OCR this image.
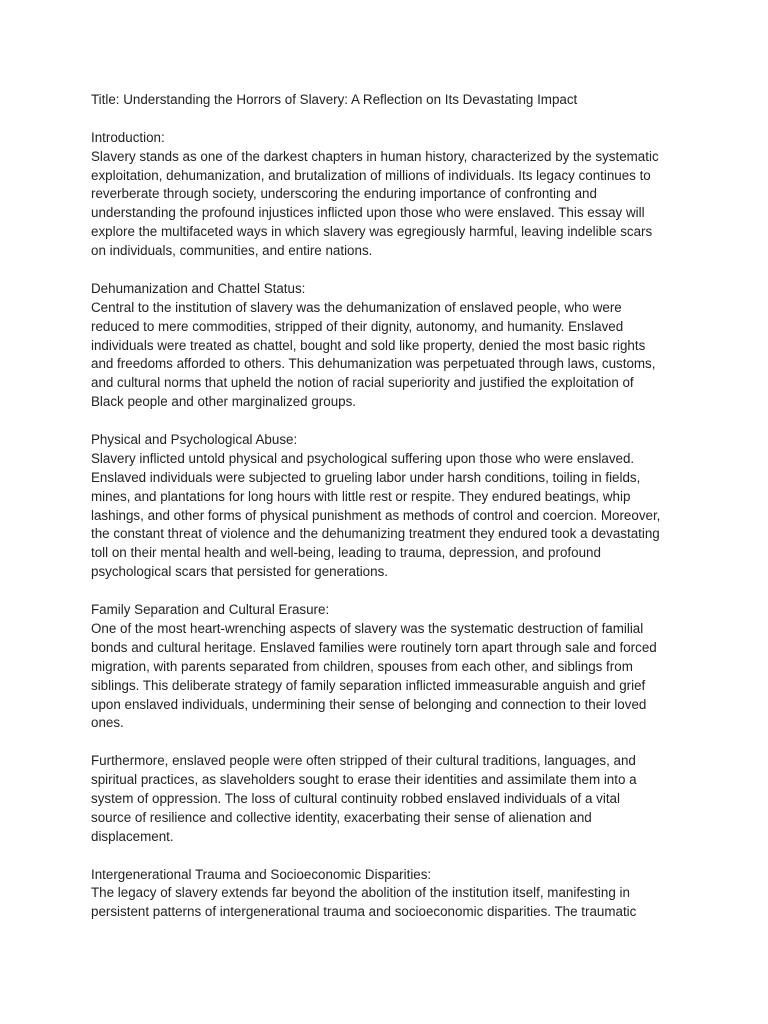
Title: Understanding the Horrors of Slavery: A Reflection on Its Devastating Impact
Introduction:
Slavery stands as one of the darkest chapters in human history, characterized by the systematic
exploitation, dehumanization, and brutalization of millions of individuals. Its legacy continues to
reverberate through society, underscoring the enduring importance of confronting and
understanding the profound injustices inflicted upon those who were enslaved. This essay will
explore the multifaceted ways in which slavery was egregiously harmful, leaving indelible scars
on individuals, communities, and entire nations.
Dehumanization and Chattel Status:
Central to the institution of slavery was the dehumanization of enslaved people, who were
reduced to mere commodities, stripped of their dignity, autonomy, and humanity. Enslaved
individuals were treated as chattel, bought and sold like property, denied the most basic rights
and freedoms afforded to others. This dehumanization was perpetuated through laws, customs,
and cultural norms that upheld the notion of racial superiority and justified the exploitation of
Black people and other marginalized groups.
Physical and Psychological Abuse:
Slavery inflicted untold physical and psychological suffering upon those who were enslaved.
Enslaved individuals were subjected to grueling labor under harsh conditions, toiling in fields,
mines, and plantations for long hours with little rest or respite. They endured beatings, whip
lashings, and other forms of physical punishment as methods of control and coercion. Moreover,
the constant threat of violence and the dehumanizing treatment they endured took a devastating
toll on their mental health and well-being, leading to trauma, depression, and profound
psychological scars that persisted for generations.
Family Separation and Cultural Erasure:
One of the most heart-wrenching aspects of slavery was the systematic destruction of familial
bonds and cultural heritage. Enslaved families were routinely torn apart through sale and forced
migration, with parents separated from children, spouses from each other, and siblings from
siblings. This deliberate strategy of family separation inflicted immeasurable anguish and grief
upon enslaved individuals, undermining their sense of belonging and connection to their loved
ones.
Furthermore, enslaved people were often stripped of their cultural traditions, languages, and
spiritual practices, as slaveholders sought to erase their identities and assimilate them into a
system of oppression. The loss of cultural continuity robbed enslaved individuals of a vital
source of resilience and collective identity, exacerbating their sense of alienation and
displacement.
Intergenerational Trauma and Socioeconomic Disparities:
The legacy of slavery extends far beyond the abolition of the institution itself, manifesting in
persistent patterns of intergenerational trauma and socioeconomic disparities. The traumatic
